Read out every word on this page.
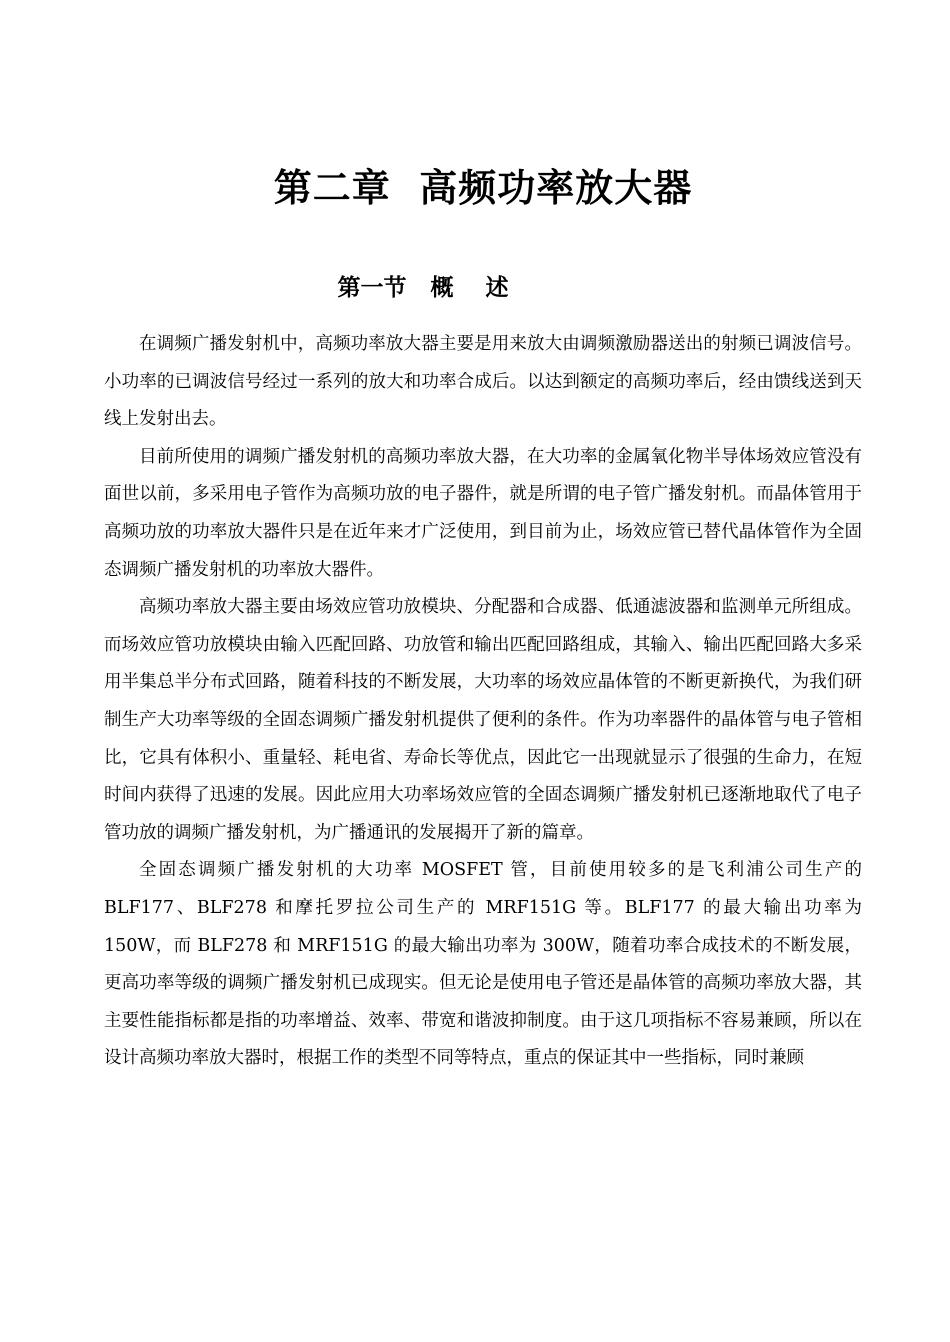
第二章  高频功率放大器
第一节   概    述

在调频广播发射机中，高频功率放大器主要是用来放大由调频激励器送出的射频已调波信号。小功率的已调波信号经过一系列的放大和功率合成后。以达到额定的高频功率后，经由馈线送到天线上发射出去。

目前所使用的调频广播发射机的高频功率放大器，在大功率的金属氧化物半导体场效应管没有面世以前，多采用电子管作为高频功放的电子器件，就是所谓的电子管广播发射机。而晶体管用于高频功放的功率放大器件只是在近年来才广泛使用，到目前为止，场效应管已替代晶体管作为全固态调频广播发射机的功率放大器件。

高频功率放大器主要由场效应管功放模块、分配器和合成器、低通滤波器和监测单元所组成。而场效应管功放模块由输入匹配回路、功放管和输出匹配回路组成，其输入、输出匹配回路大多采用半集总半分布式回路，随着科技的不断发展，大功率的场效应晶体管的不断更新换代，为我们研制生产大功率等级的全固态调频广播发射机提供了便利的条件。作为功率器件的晶体管与电子管相比，它具有体积小、重量轻、耗电省、寿命长等优点，因此它一出现就显示了很强的生命力，在短时间内获得了迅速的发展。因此应用大功率场效应管的全固态调频广播发射机已逐渐地取代了电子管功放的调频广播发射机，为广播通讯的发展揭开了新的篇章。

全固态调频广播发射机的大功率 MOSFET 管，目前使用较多的是飞利浦公司生产的 BLF177、BLF278 和摩托罗拉公司生产的 MRF151G 等。BLF177 的最大输出功率为 150W，而 BLF278 和 MRF151G 的最大输出功率为 300W，随着功率合成技术的不断发展，更高功率等级的调频广播发射机已成现实。但无论是使用电子管还是晶体管的高频功率放大器，其主要性能指标都是指的功率增益、效率、带宽和谐波抑制度。由于这几项指标不容易兼顾，所以在设计高频功率放大器时，根据工作的类型不同等特点，重点的保证其中一些指标，同时兼顾
